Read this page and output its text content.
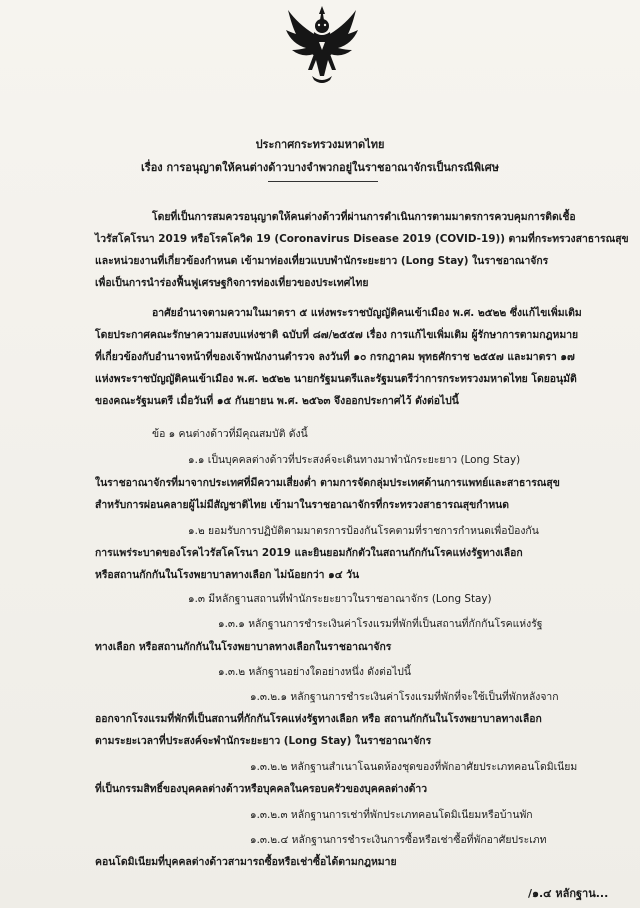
ประกาศกระทรวงมหาดไทย
เรื่อง การอนุญาตให้คนต่างด้าวบางจำพวกอยู่ในราชอาณาจักรเป็นกรณีพิเศษ
โดยที่เป็นการสมควรอนุญาตให้คนต่างด้าวที่ผ่านการดำเนินการตามมาตรการควบคุมการติดเชื้อ
ไวรัสโคโรนา 2019 หรือโรคโควิด 19 (Coronavirus Disease 2019 (COVID-19)) ตามที่กระทรวงสาธารณสุข
และหน่วยงานที่เกี่ยวข้องกำหนด เข้ามาท่องเที่ยวแบบพำนักระยะยาว (Long Stay) ในราชอาณาจักร
เพื่อเป็นการนำร่องฟื้นฟูเศรษฐกิจการท่องเที่ยวของประเทศไทย
อาศัยอำนาจตามความในมาตรา ๕ แห่งพระราชบัญญัติคนเข้าเมือง พ.ศ. ๒๕๒๒ ซึ่งแก้ไขเพิ่มเติม
โดยประกาศคณะรักษาความสงบแห่งชาติ ฉบับที่ ๘๗/๒๕๕๗ เรื่อง การแก้ไขเพิ่มเติม ผู้รักษาการตามกฎหมาย
ที่เกี่ยวข้องกับอำนาจหน้าที่ของเจ้าพนักงานตำรวจ ลงวันที่ ๑๐ กรกฎาคม พุทธศักราช ๒๕๕๗ และมาตรา ๑๗
แห่งพระราชบัญญัติคนเข้าเมือง พ.ศ. ๒๕๒๒ นายกรัฐมนตรีและรัฐมนตรีว่าการกระทรวงมหาดไทย โดยอนุมัติ
ของคณะรัฐมนตรี เมื่อวันที่ ๑๕ กันยายน พ.ศ. ๒๕๖๓ จึงออกประกาศไว้ ดังต่อไปนี้
ข้อ ๑ คนต่างด้าวที่มีคุณสมบัติ ดังนี้
๑.๑ เป็นบุคคลต่างด้าวที่ประสงค์จะเดินทางมาพำนักระยะยาว (Long Stay)
ในราชอาณาจักรที่มาจากประเทศที่มีความเสี่ยงต่ำ ตามการจัดกลุ่มประเทศด้านการแพทย์และสาธารณสุข
สำหรับการผ่อนคลายผู้ไม่มีสัญชาติไทย เข้ามาในราชอาณาจักรที่กระทรวงสาธารณสุขกำหนด
๑.๒ ยอมรับการปฏิบัติตามมาตรการป้องกันโรคตามที่ราชการกำหนดเพื่อป้องกัน
การแพร่ระบาดของโรคไวรัสโคโรนา 2019 และยินยอมกักตัวในสถานกักกันโรคแห่งรัฐทางเลือก
หรือสถานกักกันในโรงพยาบาลทางเลือก ไม่น้อยกว่า ๑๔ วัน
๑.๓ มีหลักฐานสถานที่พำนักระยะยาวในราชอาณาจักร (Long Stay)
๑.๓.๑ หลักฐานการชำระเงินค่าโรงแรมที่พักที่เป็นสถานที่กักกันโรคแห่งรัฐ
ทางเลือก หรือสถานกักกันในโรงพยาบาลทางเลือกในราชอาณาจักร
๑.๓.๒ หลักฐานอย่างใดอย่างหนึ่ง ดังต่อไปนี้
๑.๓.๒.๑ หลักฐานการชำระเงินค่าโรงแรมที่พักที่จะใช้เป็นที่พักหลังจาก
ออกจากโรงแรมที่พักที่เป็นสถานที่กักกันโรคแห่งรัฐทางเลือก หรือ สถานกักกันในโรงพยาบาลทางเลือก
ตามระยะเวลาที่ประสงค์จะพำนักระยะยาว (Long Stay) ในราชอาณาจักร
๑.๓.๒.๒ หลักฐานสำเนาโฉนดห้องชุดของที่พักอาศัยประเภทคอนโดมิเนียม
ที่เป็นกรรมสิทธิ์ของบุคคลต่างด้าวหรือบุคคลในครอบครัวของบุคคลต่างด้าว
๑.๓.๒.๓ หลักฐานการเช่าที่พักประเภทคอนโดมิเนียมหรือบ้านพัก
๑.๓.๒.๔ หลักฐานการชำระเงินการซื้อหรือเช่าซื้อที่พักอาศัยประเภท
คอนโดมิเนียมที่บุคคลต่างด้าวสามารถซื้อหรือเช่าซื้อได้ตามกฎหมาย
/๑.๔ หลักฐาน...
